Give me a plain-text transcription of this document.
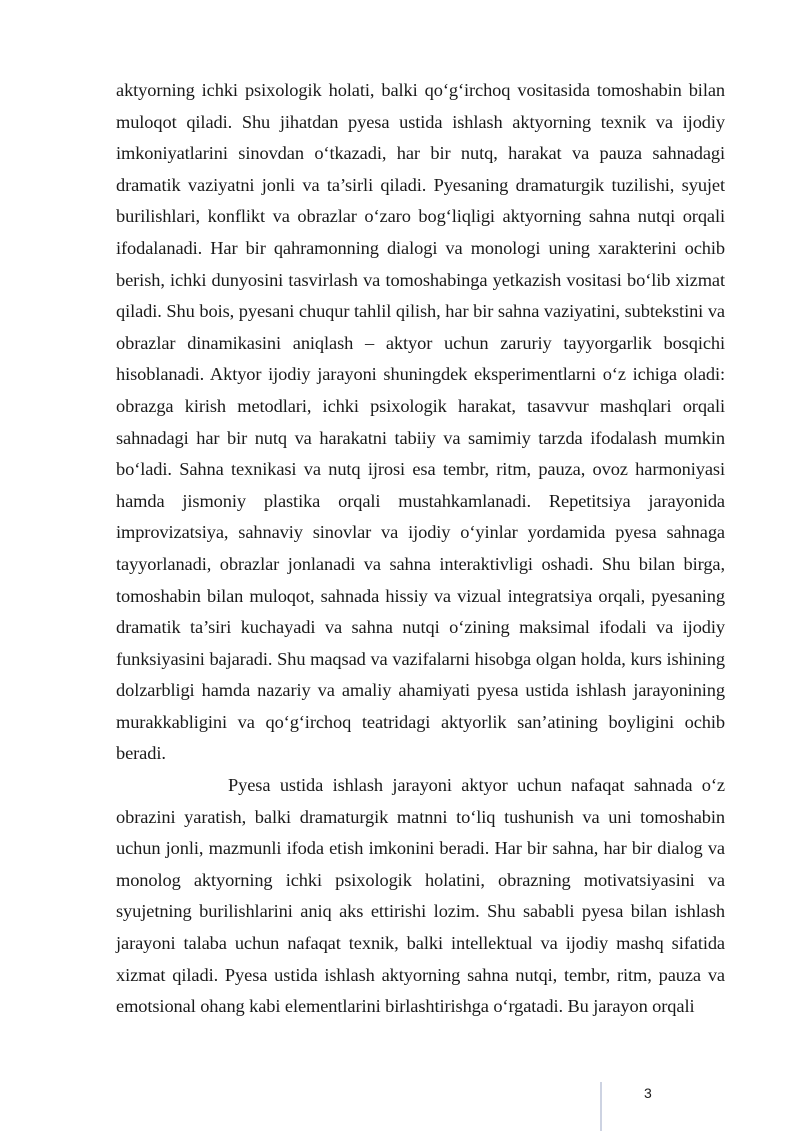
aktyorning ichki psixologik holati, balki qo‘g‘irchoq vositasida tomoshabin bilan muloqot qiladi. Shu jihatdan pyesa ustida ishlash aktyorning texnik va ijodiy imkoniyatlarini sinovdan o‘tkazadi, har bir nutq, harakat va pauza sahnadagi dramatik vaziyatni jonli va ta’sirli qiladi. Pyesaning dramaturgik tuzilishi, syujet burilishlari, konflikt va obrazlar o‘zaro bog‘liqligi aktyorning sahna nutqi orqali ifodalanadi. Har bir qahramonning dialogi va monologi uning xarakterini ochib berish, ichki dunyosini tasvirlash va tomoshabinga yetkazish vositasi bo‘lib xizmat qiladi. Shu bois, pyesani chuqur tahlil qilish, har bir sahna vaziyatini, subtekstini va obrazlar dinamikasini aniqlash – aktyor uchun zaruriy tayyorgarlik bosqichi hisoblanadi. Aktyor ijodiy jarayoni shuningdek eksperimentlarni o‘z ichiga oladi: obrazga kirish metodlari, ichki psixologik harakat, tasavvur mashqlari orqali sahnadagi har bir nutq va harakatni tabiiy va samimiy tarzda ifodalash mumkin bo‘ladi. Sahna texnikasi va nutq ijrosi esa tembr, ritm, pauza, ovoz harmoniyasi hamda jismoniy plastika orqali mustahkamlanadi. Repetitsiya jarayonida improvizatsiya, sahnaviy sinovlar va ijodiy o‘yinlar yordamida pyesa sahnaga tayyorlanadi, obrazlar jonlanadi va sahna interaktivligi oshadi. Shu bilan birga, tomoshabin bilan muloqot, sahnada hissiy va vizual integratsiya orqali, pyesaning dramatik ta’siri kuchayadi va sahna nutqi o‘zining maksimal ifodali va ijodiy funksiyasini bajaradi. Shu maqsad va vazifalarni hisobga olgan holda, kurs ishining dolzarbligi hamda nazariy va amaliy ahamiyati pyesa ustida ishlash jarayonining murakkabligini va qo‘g‘irchoq teatridagi aktyorlik san’atining boyligini ochib beradi.

Pyesa ustida ishlash jarayoni aktyor uchun nafaqat sahnada o‘z obrazini yaratish, balki dramaturgik matnni to‘liq tushunish va uni tomoshabin uchun jonli, mazmunli ifoda etish imkonini beradi. Har bir sahna, har bir dialog va monolog aktyorning ichki psixologik holatini, obrazning motivatsiyasini va syujetning burilishlarini aniq aks ettirishi lozim. Shu sababli pyesa bilan ishlash jarayoni talaba uchun nafaqat texnik, balki intellektual va ijodiy mashq sifatida xizmat qiladi. Pyesa ustida ishlash aktyorning sahna nutqi, tembr, ritm, pauza va emotsional ohang kabi elementlarini birlashtirishga o‘rgatadi. Bu jarayon orqali

3
